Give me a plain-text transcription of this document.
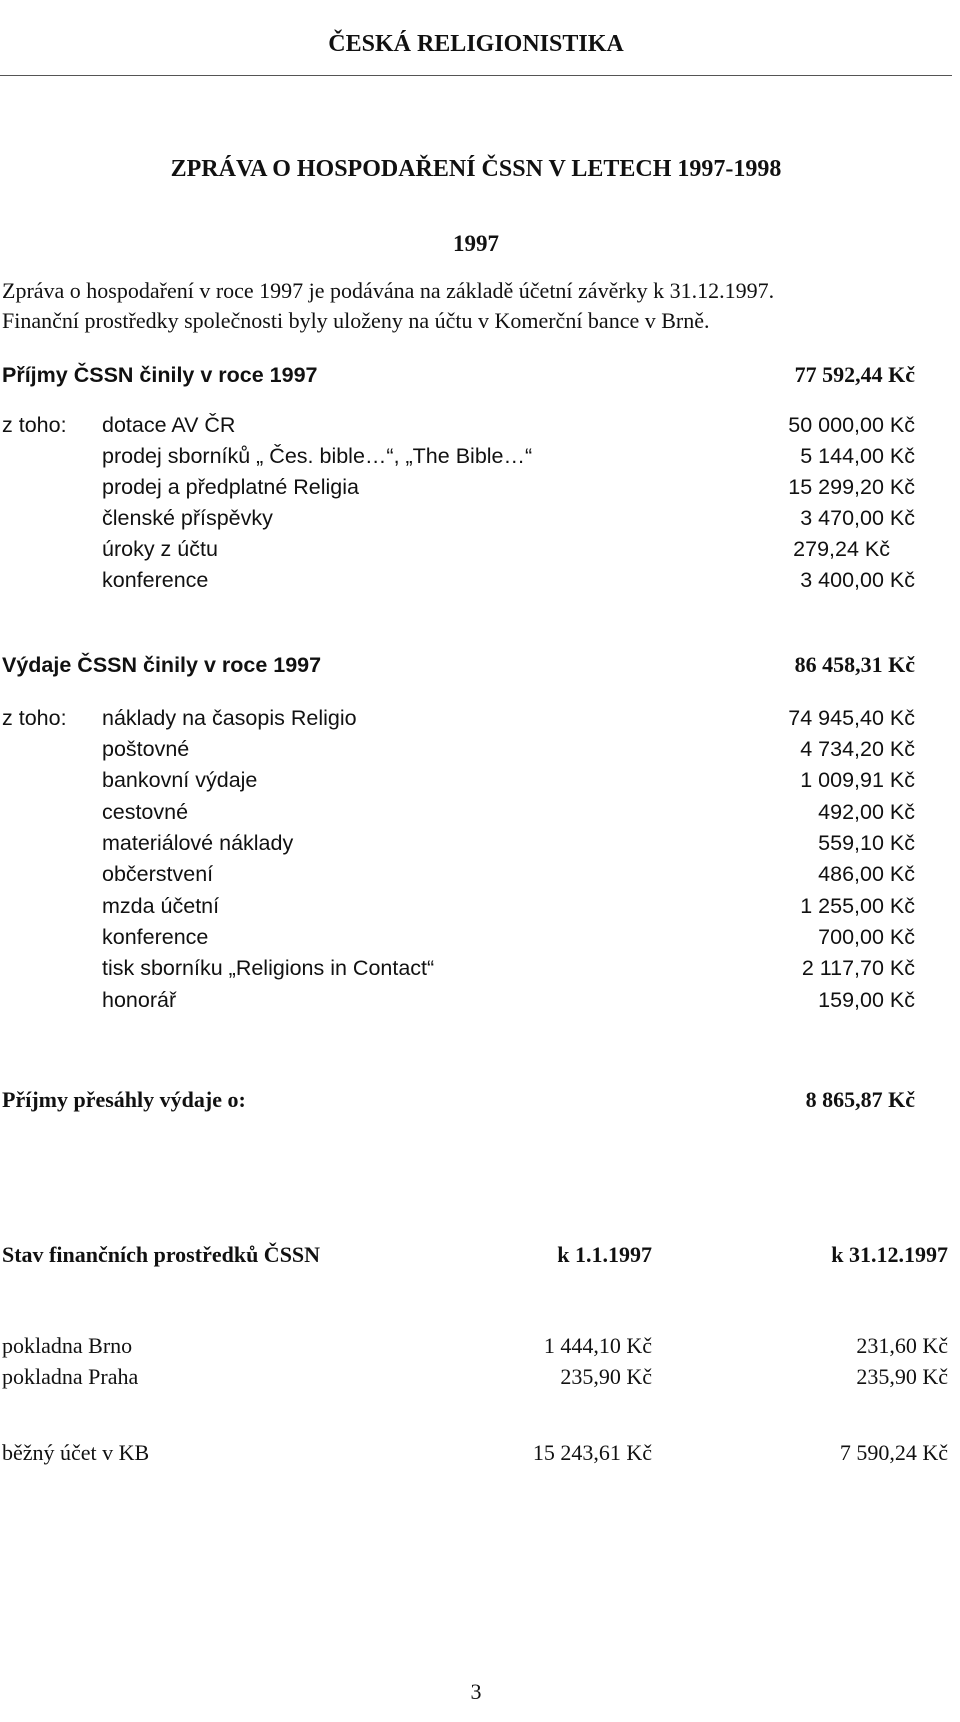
ČESKÁ RELIGIONISTIKA
ZPRÁVA O HOSPODAŘENÍ ČSSN V LETECH 1997-1998
1997
Zpráva o hospodaření v roce 1997 je podávána na základě účetní závěrky k 31.12.1997.
Finanční prostředky společnosti byly uloženy na účtu v Komerční bance v Brně.
Příjmy ČSSN činily v roce 1997	77 592,44 Kč
z toho: dotace AV ČR	50 000,00 Kč
prodej sborníků „ Čes. bible…“, „The Bible…“	5 144,00 Kč
prodej a předplatné Religia	15 299,20 Kč
členské příspěvky	3 470,00 Kč
úroky z účtu	279,24 Kč
konference	3 400,00 Kč
Výdaje ČSSN činily v roce 1997	86 458,31 Kč
z toho: náklady na časopis Religio	74 945,40 Kč
poštovné	4 734,20 Kč
bankovní výdaje	1 009,91 Kč
cestovné	492,00 Kč
materiálové náklady	559,10 Kč
občerstvení	486,00 Kč
mzda účetní	1 255,00 Kč
konference	700,00 Kč
tisk sborníku „Religions in Contact“	2 117,70 Kč
honorář	159,00 Kč
Příjmy přesáhly výdaje o:	8 865,87 Kč
Stav finančních prostředků ČSSN	k 1.1.1997	k 31.12.1997
pokladna Brno	1 444,10 Kč	231,60 Kč
pokladna Praha	235,90 Kč	235,90 Kč
běžný účet v KB	15 243,61 Kč	7 590,24 Kč
3
